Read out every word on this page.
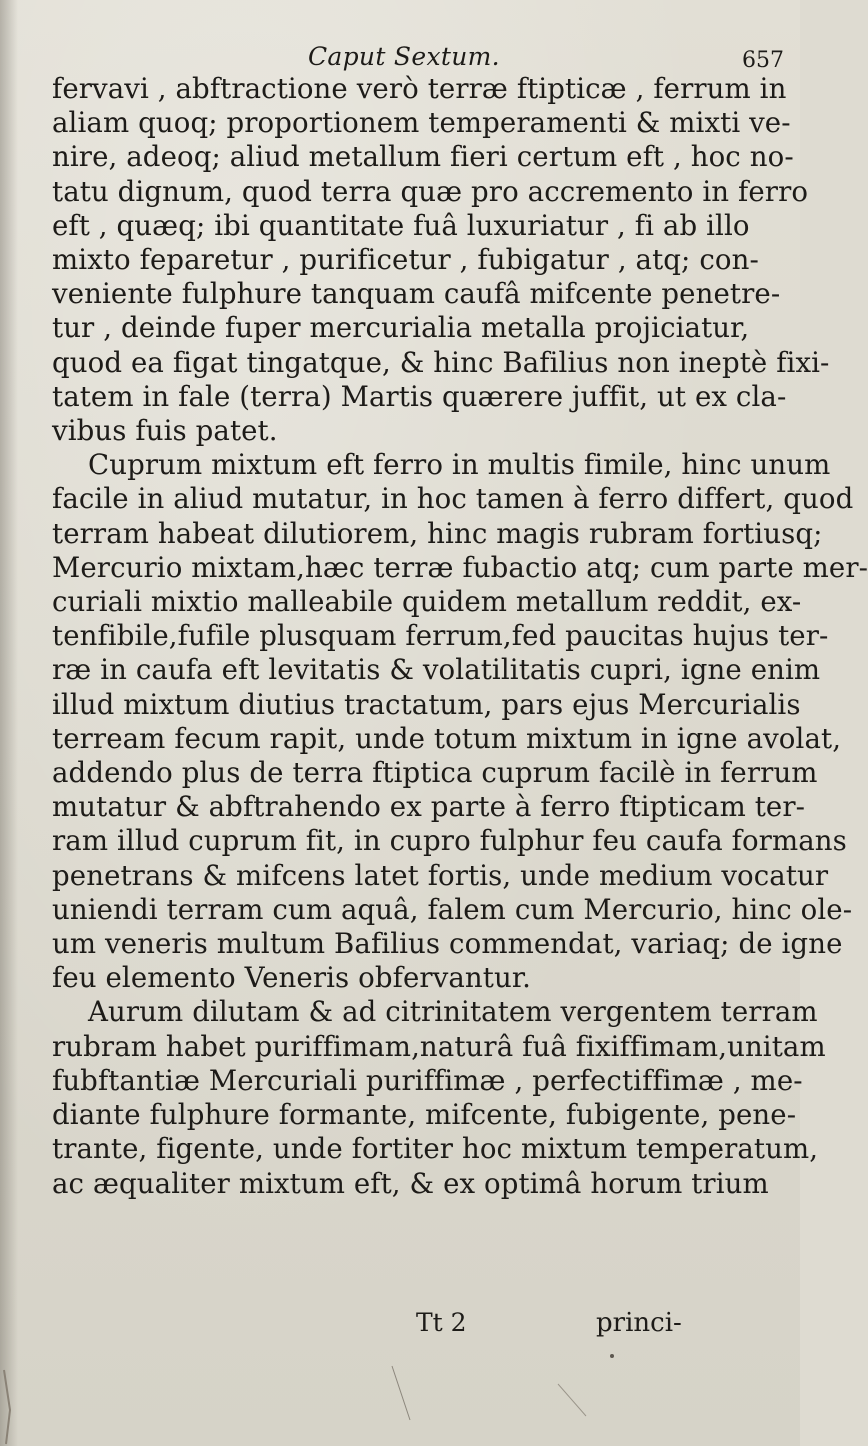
Caput Sextum.	657
fervavi , abftractione verò terræ ftipticæ , ferrum in
aliam quoq; proportionem temperamenti & mixti ve-
nire, adeoq; aliud metallum fieri certum eft , hoc no-
tatu dignum, quod terra quæ pro accremento in ferro
eft , quæq; ibi quantitate fuâ luxuriatur , fi ab illo
mixto feparetur , purificetur , fubigatur , atq; con-
veniente fulphure tanquam caufâ mifcente penetre-
tur , deinde fuper mercurialia metalla projiciatur,
quod ea figat tingatque, & hinc Bafilius non ineptè fixi-
tatem in fale (terra) Martis quærere juffit, ut ex cla-
vibus fuis patet.
Cuprum mixtum eft ferro in multis fimile, hinc unum
facile in aliud mutatur, in hoc tamen à ferro differt, quod
terram habeat dilutiorem, hinc magis rubram fortiusq;
Mercurio mixtam,hæc terræ fubactio atq; cum parte mer-
curiali mixtio malleabile quidem metallum reddit, ex-
tenfibile,fufile plusquam ferrum,fed paucitas hujus ter-
ræ in caufa eft levitatis & volatilitatis cupri, igne enim
illud mixtum diutius tractatum, pars ejus Mercurialis
terream fecum rapit, unde totum mixtum in igne avolat,
addendo plus de terra ftiptica cuprum facilè in ferrum
mutatur & abftrahendo ex parte à ferro ftipticam ter-
ram illud cuprum fit, in cupro fulphur feu caufa formans
penetrans & mifcens latet fortis, unde medium vocatur
uniendi terram cum aquâ, falem cum Mercurio, hinc ole-
um veneris multum Bafilius commendat, variaq; de igne
feu elemento Veneris obfervantur.
Aurum dilutam & ad citrinitatem vergentem terram
rubram habet puriffimam,naturâ fuâ fixiffimam,unitam
fubftantiæ Mercuriali puriffimæ , perfectiffimæ , me-
diante fulphure formante, mifcente, fubigente, pene-
trante, figente, unde fortiter hoc mixtum temperatum,
ac æqualiter mixtum eft, & ex optimâ horum trium
Tt 2	princi-
